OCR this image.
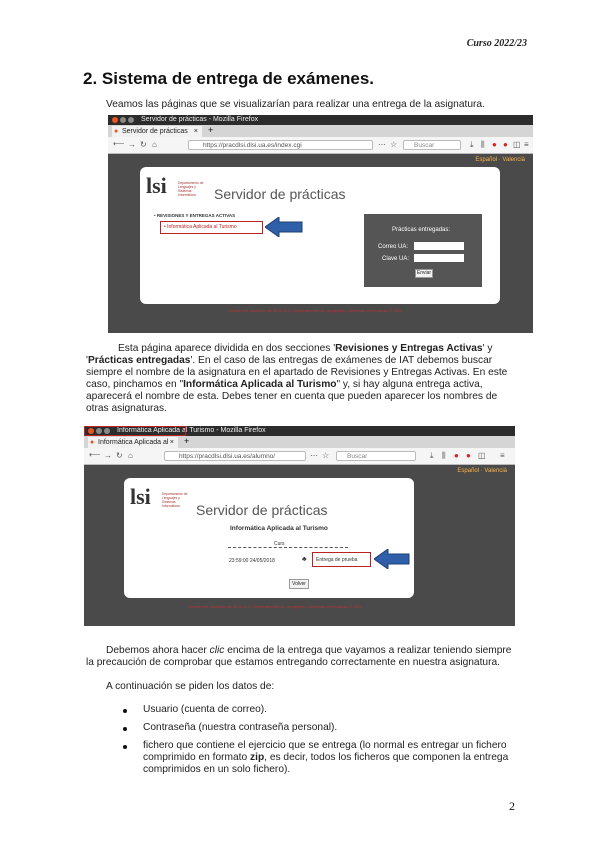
Curso 2022/23
2. Sistema de entrega de exámenes.
Veamos las páginas que se visualizarían para realizar una entrega de la asignatura.
Servidor de prácticas - Mozilla Firefox
● Servidor de prácticas × +
⟵ → ↻ ⌂	https://pracdlsi.dlsi.ua.es/index.cgi	⋯ ☆	Buscar	⤓ ⫼ ● ● ◫ ≡
Español · Valencià
lsi	Departamento de Lenguajes y Sistemas Informáticos	Servidor de prácticas
• REVISIONES Y ENTREGAS ACTIVAS
• Informática Aplicada al Turismo	Prácticas entregadas:
Correo UA:
Clave UA:
Enviar
Servidor de prácticas del DLSI v2.0 | Departamento de Lenguajes y Sistemas Informáticos © 2022
Esta página aparece dividida en dos secciones 'Revisiones y Entregas Activas' y
'Prácticas entregadas'. En el caso de las entregas de exámenes de IAT debemos buscar
siempre el nombre de la asignatura en el apartado de Revisiones y Entregas Activas. En este
caso, pinchamos en "Informática Aplicada al Turismo" y, si hay alguna entrega activa,
aparecerá el nombre de esta. Debes tener en cuenta que pueden aparecer los nombres de
otras asignaturas.
Informática Aplicada al Turismo - Mozilla Firefox
● Informática Aplicada al × +
⟵ → ↻ ⌂	https://pracdlsi.dlsi.ua.es/alumno/	⋯ ☆	Buscar	⤓ ⫼ ● ● ◫ ≡
Español · Valencià
lsi	Departamento de Lenguajes y Sistemas Informáticos	Servidor de prácticas
Informática Aplicada al Turismo
Curs
23:59:00 24/05/2018	♣ Entrega de prueba
Volver
Servidor de prácticas del DLSI v2.0 | Departamento de Lenguajes y Sistemas Informáticos © 2022
Debemos ahora hacer clic encima de la entrega que vayamos a realizar teniendo siempre
la precaución de comprobar que estamos entregando correctamente en nuestra asignatura.
A continuación se piden los datos de:
Usuario (cuenta de correo).
Contraseña (nuestra contraseña personal).
fichero que contiene el ejercicio que se entrega (lo normal es entregar un fichero
comprimido en formato zip, es decir, todos los ficheros que componen la entrega
comprimidos en un solo fichero).
2
